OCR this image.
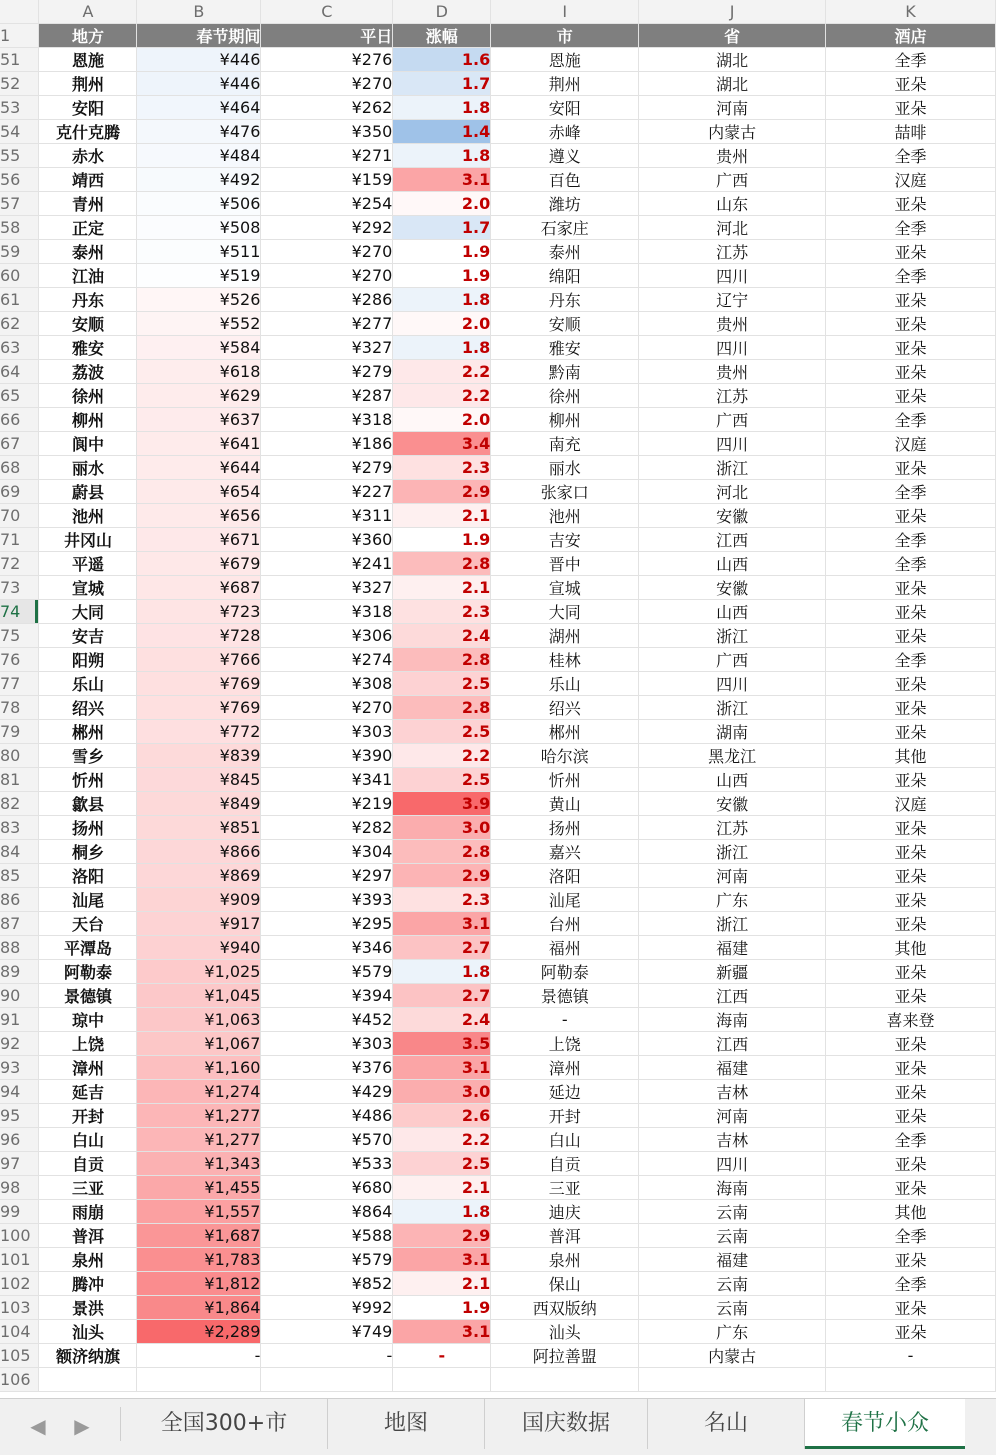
	A	B	C	D	I	J	K
1	地方	春节期间	平日	涨幅	市	省	酒店
51	恩施	¥446	¥276	1.6	恩施	湖北	全季
52	荆州	¥446	¥270	1.7	荆州	湖北	亚朵
53	安阳	¥464	¥262	1.8	安阳	河南	亚朵
54	克什克腾	¥476	¥350	1.4	赤峰	内蒙古	喆啡
55	赤水	¥484	¥271	1.8	遵义	贵州	全季
56	靖西	¥492	¥159	3.1	百色	广西	汉庭
57	青州	¥506	¥254	2.0	潍坊	山东	亚朵
58	正定	¥508	¥292	1.7	石家庄	河北	全季
59	泰州	¥511	¥270	1.9	泰州	江苏	亚朵
60	江油	¥519	¥270	1.9	绵阳	四川	全季
61	丹东	¥526	¥286	1.8	丹东	辽宁	亚朵
62	安顺	¥552	¥277	2.0	安顺	贵州	亚朵
63	雅安	¥584	¥327	1.8	雅安	四川	亚朵
64	荔波	¥618	¥279	2.2	黔南	贵州	亚朵
65	徐州	¥629	¥287	2.2	徐州	江苏	亚朵
66	柳州	¥637	¥318	2.0	柳州	广西	全季
67	阆中	¥641	¥186	3.4	南充	四川	汉庭
68	丽水	¥644	¥279	2.3	丽水	浙江	亚朵
69	蔚县	¥654	¥227	2.9	张家口	河北	全季
70	池州	¥656	¥311	2.1	池州	安徽	亚朵
71	井冈山	¥671	¥360	1.9	吉安	江西	全季
72	平遥	¥679	¥241	2.8	晋中	山西	全季
73	宣城	¥687	¥327	2.1	宣城	安徽	亚朵
74	大同	¥723	¥318	2.3	大同	山西	亚朵
75	安吉	¥728	¥306	2.4	湖州	浙江	亚朵
76	阳朔	¥766	¥274	2.8	桂林	广西	全季
77	乐山	¥769	¥308	2.5	乐山	四川	亚朵
78	绍兴	¥769	¥270	2.8	绍兴	浙江	亚朵
79	郴州	¥772	¥303	2.5	郴州	湖南	亚朵
80	雪乡	¥839	¥390	2.2	哈尔滨	黑龙江	其他
81	忻州	¥845	¥341	2.5	忻州	山西	亚朵
82	歙县	¥849	¥219	3.9	黄山	安徽	汉庭
83	扬州	¥851	¥282	3.0	扬州	江苏	亚朵
84	桐乡	¥866	¥304	2.8	嘉兴	浙江	亚朵
85	洛阳	¥869	¥297	2.9	洛阳	河南	亚朵
86	汕尾	¥909	¥393	2.3	汕尾	广东	亚朵
87	天台	¥917	¥295	3.1	台州	浙江	亚朵
88	平潭岛	¥940	¥346	2.7	福州	福建	其他
89	阿勒泰	¥1,025	¥579	1.8	阿勒泰	新疆	亚朵
90	景德镇	¥1,045	¥394	2.7	景德镇	江西	亚朵
91	琼中	¥1,063	¥452	2.4	-	海南	喜来登
92	上饶	¥1,067	¥303	3.5	上饶	江西	亚朵
93	漳州	¥1,160	¥376	3.1	漳州	福建	亚朵
94	延吉	¥1,274	¥429	3.0	延边	吉林	亚朵
95	开封	¥1,277	¥486	2.6	开封	河南	亚朵
96	白山	¥1,277	¥570	2.2	白山	吉林	全季
97	自贡	¥1,343	¥533	2.5	自贡	四川	亚朵
98	三亚	¥1,455	¥680	2.1	三亚	海南	亚朵
99	雨崩	¥1,557	¥864	1.8	迪庆	云南	其他
100	普洱	¥1,687	¥588	2.9	普洱	云南	全季
101	泉州	¥1,783	¥579	3.1	泉州	福建	亚朵
102	腾冲	¥1,812	¥852	2.1	保山	云南	全季
103	景洪	¥1,864	¥992	1.9	西双版纳	云南	亚朵
104	汕头	¥2,289	¥749	3.1	汕头	广东	亚朵
105	额济纳旗	-	-	-	阿拉善盟	内蒙古	-
106							
◀ ▶	全国300+市	地图	国庆数据	名山	春节小众
